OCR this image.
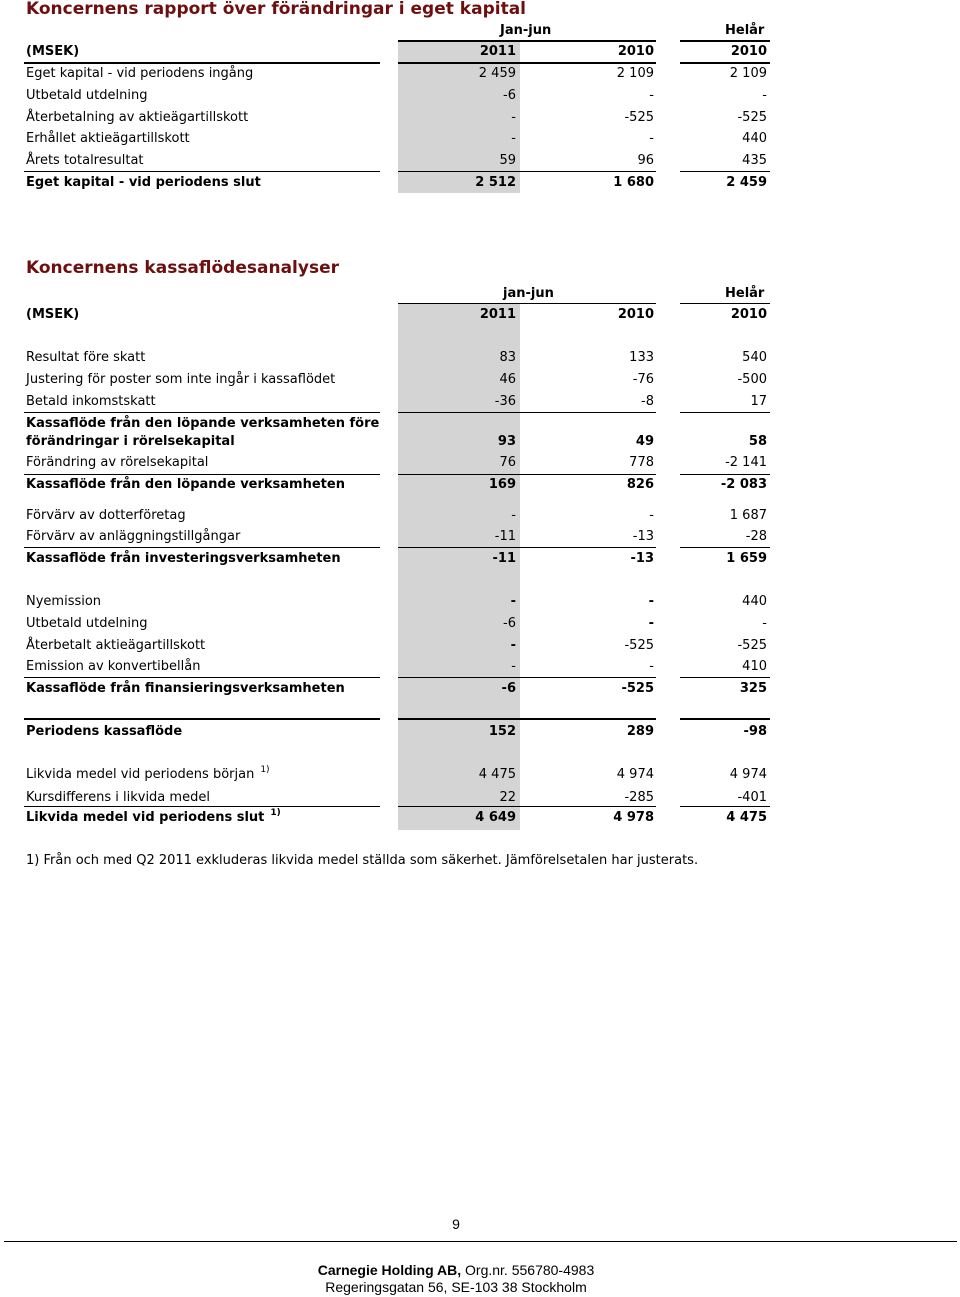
Koncernens rapport över förändringar i eget kapital
Jan-jun	Helår
(MSEK)	2011	2010	2010
Eget kapital - vid periodens ingång	2 459	2 109	2 109
Utbetald utdelning	-6	-	-
Återbetalning av aktieägartillskott	-	-525	-525
Erhållet aktieägartillskott	-	-	440
Årets totalresultat	59	96	435
Eget kapital - vid periodens slut	2 512	1 680	2 459
Koncernens kassaflödesanalyser
jan-jun	Helår
(MSEK)	2011	2010	2010
Resultat före skatt	83	133	540
Justering för poster som inte ingår i kassaflödet	46	-76	-500
Betald inkomstskatt	-36	-8	17
Kassaflöde från den löpande verksamheten före
förändringar i rörelsekapital	93	49	58
Förändring av rörelsekapital	76	778	-2 141
Kassaflöde från den löpande verksamheten	169	826	-2 083
Förvärv av dotterföretag	-	-	1 687
Förvärv av anläggningstillgångar	-11	-13	-28
Kassaflöde från investeringsverksamheten	-11	-13	1 659
Nyemission	-	-	440
Utbetald utdelning	-6	-	-
Återbetalt aktieägartillskott	-	-525	-525
Emission av konvertibellån	-	-	410
Kassaflöde från finansieringsverksamheten	-6	-525	325
Periodens kassaflöde	152	289	-98
Likvida medel vid periodens början $^{1)}$	4 475	4 974	4 974
Kursdifferens i likvida medel	22	-285	-401
Likvida medel vid periodens slut $^{1)}$	4 649	4 978	4 475
1) Från och med Q2 2011 exkluderas likvida medel ställda som säkerhet. Jämförelsetalen har justerats.
9
Carnegie Holding AB, Org.nr. 556780-4983
Regeringsgatan 56, SE-103 38 Stockholm
